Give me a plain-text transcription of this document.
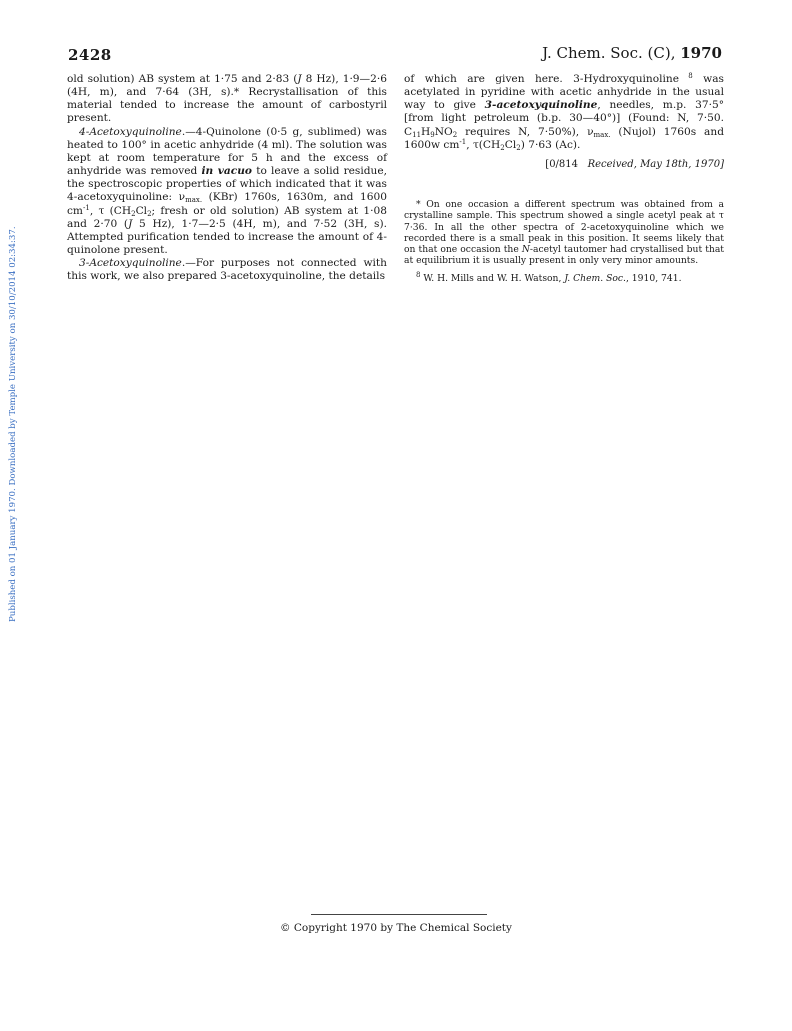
2428	J. Chem. Soc. (C), 1970
Published on 01 January 1970. Downloaded by Temple University on 30/10/2014 02:34:37.

old solution) AB system at 1·75 and 2·83 (J 8 Hz), 1·9—2·6 (4H, m), and 7·64 (3H, s).* Recrystallisation of this material tended to increase the amount of carbostyril present.

4-Acetoxyquinoline.—4-Quinolone (0·5 g, sublimed) was heated to 100° in acetic anhydride (4 ml). The solution was kept at room temperature for 5 h and the excess of anhydride was removed in vacuo to leave a solid residue, the spectroscopic properties of which indicated that it was 4-acetoxyquinoline: $\nu_{max.}$ (KBr) 1760s, 1630m, and 1600 $cm^{-1}$, τ ($CH_2Cl_2$; fresh or old solution) AB system at 1·08 and 2·70 (J 5 Hz), 1·7—2·5 (4H, m), and 7·52 (3H, s). Attempted purification tended to increase the amount of 4-quinolone present.

3-Acetoxyquinoline.—For purposes not connected with this work, we also prepared 3-acetoxyquinoline, the details

of which are given here. 3-Hydroxyquinoline $^8$ was acetylated in pyridine with acetic anhydride in the usual way to give 3-acetoxyquinoline, needles, m.p. 37·5° [from light petroleum (b.p. 30—40°)] (Found: N, 7·50. $C_{11}H_9NO_2$ requires N, 7·50%), $\nu_{max.}$ (Nujol) 1760s and 1600w $cm^{-1}$, $\tau(CH_2Cl_2)$ 7·63 (Ac).

[0/814 Received, May 18th, 1970]

* On one occasion a different spectrum was obtained from a crystalline sample. This spectrum showed a single acetyl peak at τ 7·36. In all the other spectra of 2-acetoxyquinoline which we recorded there is a small peak in this position. It seems likely that on that one occasion the N-acetyl tautomer had crystallised but that at equilibrium it is usually present in only very minor amounts.

$^8$ W. H. Mills and W. H. Watson, J. Chem. Soc., 1910, 741.

© Copyright 1970 by The Chemical Society
